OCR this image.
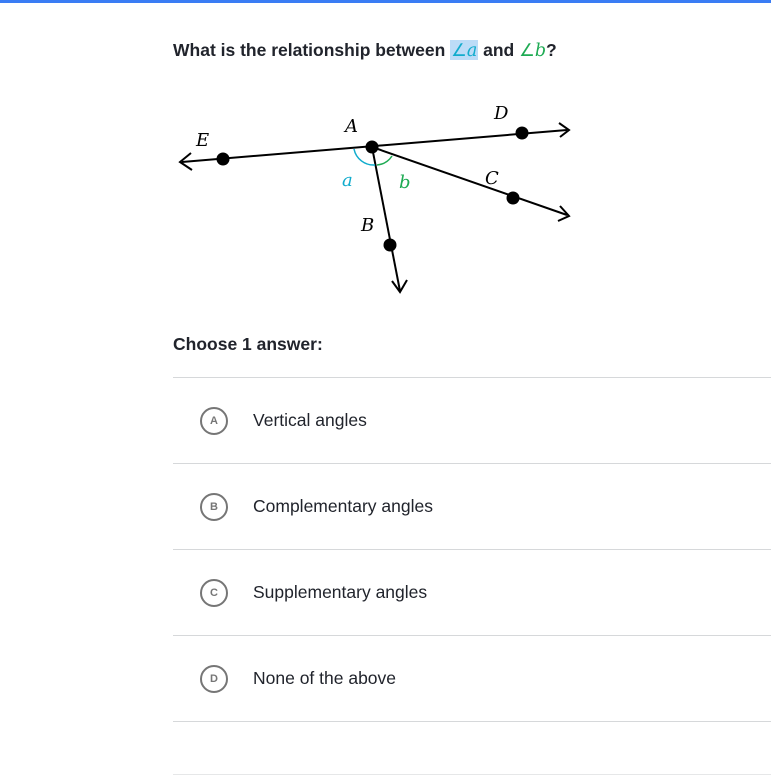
What is the relationship between ∠a and ∠b?
E
A
D
C
B
a	b
Choose 1 answer:
A	Vertical angles
B	Complementary angles
C	Supplementary angles
D	None of the above
